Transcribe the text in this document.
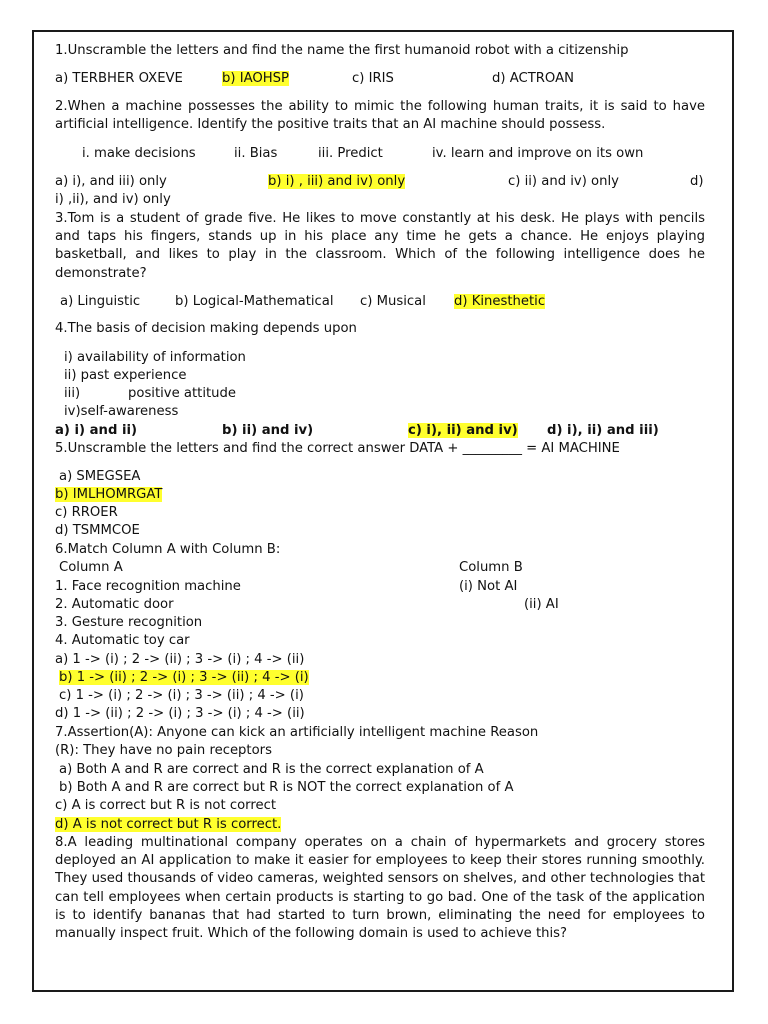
1.Unscramble the letters and find the name the first humanoid robot with a citizenship
a) TERBHER OXEVE	b) IAOHSP	c) IRIS	d) ACTROAN

2.When a machine possesses the ability to mimic the following human traits, it is said to have artificial intelligence. Identify the positive traits that an AI machine should possess.

i. make decisions	ii. Bias	iii. Predict	iv. learn and improve on its own
a) i), and iii) only	b) i) , iii) and iv) only	c) ii) and iv) only	d)
i) ,ii), and iv) only

3.Tom is a student of grade five. He likes to move constantly at his desk. He plays with pencils and taps his fingers, stands up in his place any time he gets a chance. He enjoys playing basketball, and likes to play in the classroom. Which of the following intelligence does he demonstrate?

a) Linguistic	b) Logical-Mathematical c) Musical d) Kinesthetic
4.The basis of decision making depends upon
i) availability of information
ii) past experience
iii)	positive attitude
iv)self-awareness
a) i) and ii)	b) ii) and iv)	c) i), ii) and iv) d) i), ii) and iii)
5.Unscramble the letters and find the correct answer DATA + _________ = AI MACHINE
a) SMEGSEA
b) IMLHOMRGAT
c) RROER
d) TSMMCOE
6.Match Column A with Column B:
Column A	Column B
1. Face recognition machine	(i) Not AI
2. Automatic door	(ii) AI
3. Gesture recognition
4. Automatic toy car
a) 1 -> (i) ; 2 -> (ii) ; 3 -> (i) ; 4 -> (ii)
b) 1 -> (ii) ; 2 -> (i) ; 3 -> (ii) ; 4 -> (i)
c) 1 -> (i) ; 2 -> (i) ; 3 -> (ii) ; 4 -> (i)
d) 1 -> (ii) ; 2 -> (i) ; 3 -> (i) ; 4 -> (ii)
7.Assertion(A): Anyone can kick an artificially intelligent machine Reason
(R): They have no pain receptors
a) Both A and R are correct and R is the correct explanation of A
b) Both A and R are correct but R is NOT the correct explanation of A
c) A is correct but R is not correct
d) A is not correct but R is correct.

8.A leading multinational company operates on a chain of hypermarkets and grocery stores deployed an AI application to make it easier for employees to keep their stores running smoothly. They used thousands of video cameras, weighted sensors on shelves, and other technologies that can tell employees when certain products is starting to go bad. One of the task of the application is to identify bananas that had started to turn brown, eliminating the need for employees to manually inspect fruit. Which of the following domain is used to achieve this?
